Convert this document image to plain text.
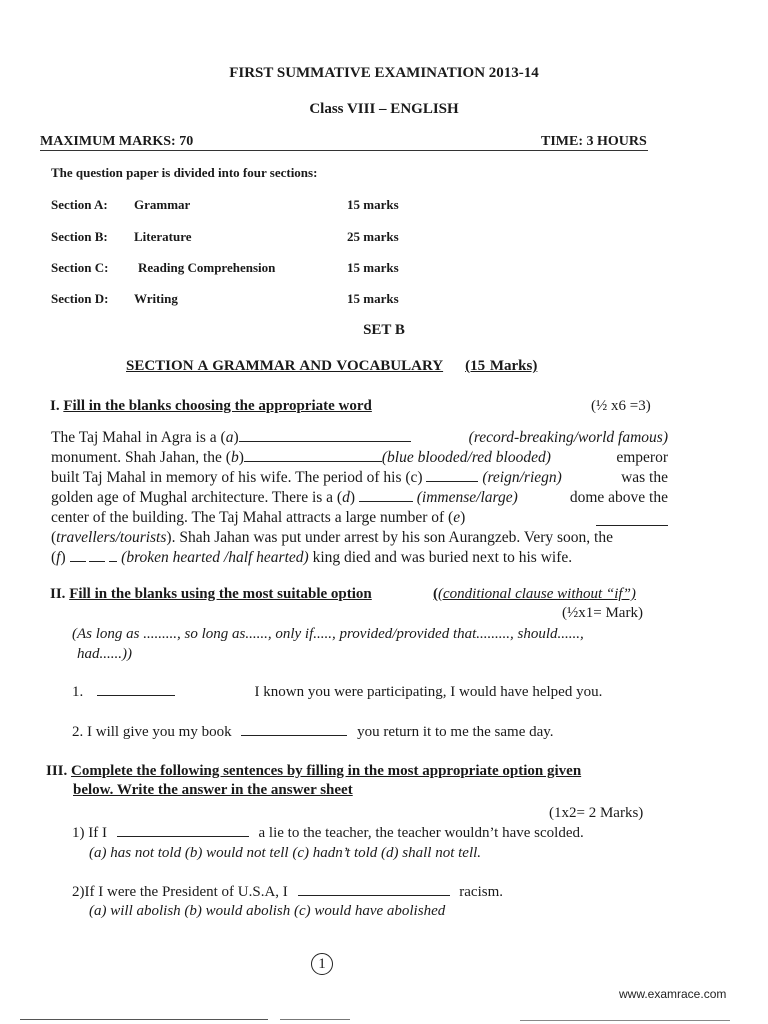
FIRST SUMMATIVE EXAMINATION 2013-14
Class VIII – ENGLISH
MAXIMUM MARKS: 70	TIME: 3 HOURS
The question paper is divided into four sections:
Section A: Grammar	15 marks
Section B: Literature	25 marks
Section C: Reading Comprehension	15 marks
Section D: Writing	15 marks
SET B
SECTION A GRAMMAR AND VOCABULARY (15 Marks)
I. Fill in the blanks choosing the appropriate word	(½ x6 =3)
The Taj Mahal in Agra is a (a)	(record-breaking/world famous)
monument. Shah Jahan, the (b)	(blue blooded/red blooded)	emperor
built Taj Mahal in memory of his wife. The period of his (c)	(reign/riegn)	was the
golden age of Mughal architecture. There is a (d)	(immense/large)	dome above the
center of the building. The Taj Mahal attracts a large number of (e)
(travellers/tourists). Shah Jahan was put under arrest by his son Aurangzeb. Very soon, the
(f)	(broken hearted /half hearted) king died and was buried next to his wife.
II. Fill in the blanks using the most suitable option	((conditional clause without “if”)
(½x1= Mark)
(As long as ........., so long as......, only if....., provided/provided that........., should......,
had......))
1.	I known you were participating, I would have helped you.
2. I will give you my book	you return it to me the same day.
III. Complete the following sentences by filling in the most appropriate option given
below. Write the answer in the answer sheet
(1x2= 2 Marks)
1) If I	a lie to the teacher, the teacher wouldn’t have scolded.
(a) has not told (b) would not tell (c) hadn’t told (d) shall not tell.
2)If I were the President of U.S.A, I	racism.
(a) will abolish (b) would abolish (c) would have abolished
1
www.examrace.com
